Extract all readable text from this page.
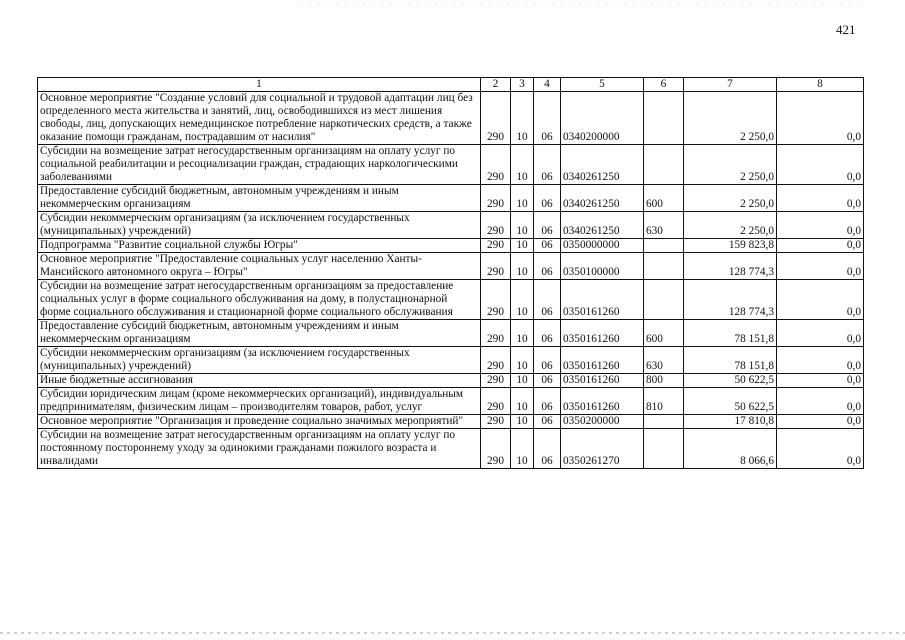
421
1	2	3	4	5	6	7	8
Основное мероприятие "Создание условий для социальной и трудовой адаптации лиц без определенного места жительства и занятий, лиц, освободившихся из мест лишения свободы, лиц, допускающих немедицинское потребление наркотических средств, а также оказание помощи гражданам, пострадавшим от насилия"	290	10	06	0340200000		2 250,0	0,0
Субсидии на возмещение затрат негосударственным организациям на оплату услуг по социальной реабилитации и ресоциализации граждан, страдающих наркологическими заболеваниями	290	10	06	0340261250		2 250,0	0,0
Предоставление субсидий бюджетным, автономным учреждениям и иным некоммерческим организациям	290	10	06	0340261250	600	2 250,0	0,0
Субсидии некоммерческим организациям (за исключением государственных (муниципальных) учреждений)	290	10	06	0340261250	630	2 250,0	0,0
Подпрограмма "Развитие социальной службы Югры"	290	10	06	0350000000		159 823,8	0,0
Основное мероприятие "Предоставление социальных услуг населению Ханты-Мансийского автономного округа – Югры"	290	10	06	0350100000		128 774,3	0,0
Субсидии на возмещение затрат негосударственным организациям за предоставление социальных услуг в форме социального обслуживания на дому, в полустационарной форме социального обслуживания и стационарной форме социального обслуживания	290	10	06	0350161260		128 774,3	0,0
Предоставление субсидий бюджетным, автономным учреждениям и иным некоммерческим организациям	290	10	06	0350161260	600	78 151,8	0,0
Субсидии некоммерческим организациям (за исключением государственных (муниципальных) учреждений)	290	10	06	0350161260	630	78 151,8	0,0
Иные бюджетные ассигнования	290	10	06	0350161260	800	50 622,5	0,0
Субсидии юридическим лицам (кроме некоммерческих организаций), индивидуальным предпринимателям, физическим лицам – производителям товаров, работ, услуг	290	10	06	0350161260	810	50 622,5	0,0
Основное мероприятие "Организация и проведение социально значимых мероприятий"	290	10	06	0350200000		17 810,8	0,0
Субсидии на возмещение затрат негосударственным организациям на оплату услуг по постоянному постороннему уходу за одинокими гражданами пожилого возраста и инвалидами	290	10	06	0350261270		8 066,6	0,0
